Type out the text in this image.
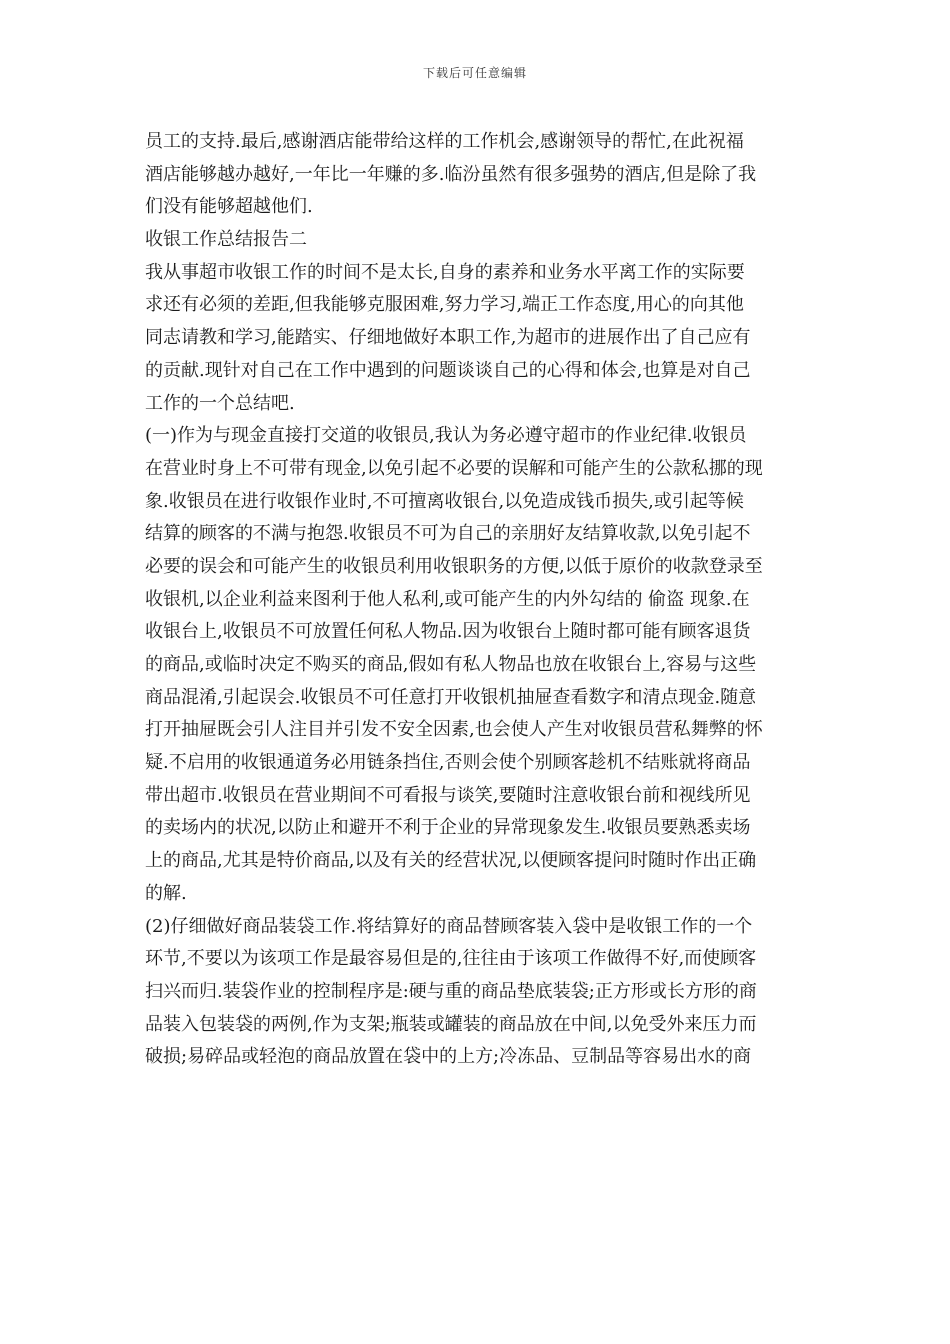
下载后可任意编辑
员工的支持.最后,感谢酒店能带给这样的工作机会,感谢领导的帮忙,在此祝福
酒店能够越办越好,一年比一年赚的多.临汾虽然有很多强势的酒店,但是除了我
们没有能够超越他们.
收银工作总结报告二
我从事超市收银工作的时间不是太长,自身的素养和业务水平离工作的实际要
求还有必须的差距,但我能够克服困难,努力学习,端正工作态度,用心的向其他
同志请教和学习,能踏实、仔细地做好本职工作,为超市的进展作出了自己应有
的贡献.现针对自己在工作中遇到的问题谈谈自己的心得和体会,也算是对自己
工作的一个总结吧.
(一)作为与现金直接打交道的收银员,我认为务必遵守超市的作业纪律.收银员
在营业时身上不可带有现金,以免引起不必要的误解和可能产生的公款私挪的现
象.收银员在进行收银作业时,不可擅离收银台,以免造成钱币损失,或引起等候
结算的顾客的不满与抱怨.收银员不可为自己的亲朋好友结算收款,以免引起不
必要的误会和可能产生的收银员利用收银职务的方便,以低于原价的收款登录至
收银机,以企业利益来图利于他人私利,或可能产生的内外勾结的 偷盗 现象.在
收银台上,收银员不可放置任何私人物品.因为收银台上随时都可能有顾客退货
的商品,或临时决定不购买的商品,假如有私人物品也放在收银台上,容易与这些
商品混淆,引起误会.收银员不可任意打开收银机抽屉查看数字和清点现金.随意
打开抽屉既会引人注目并引发不安全因素,也会使人产生对收银员营私舞弊的怀
疑.不启用的收银通道务必用链条挡住,否则会使个别顾客趁机不结账就将商品
带出超市.收银员在营业期间不可看报与谈笑,要随时注意收银台前和视线所见
的卖场内的状况,以防止和避开不利于企业的异常现象发生.收银员要熟悉卖场
上的商品,尤其是特价商品,以及有关的经营状况,以便顾客提问时随时作出正确
的解.
(2)仔细做好商品装袋工作.将结算好的商品替顾客装入袋中是收银工作的一个
环节,不要以为该项工作是最容易但是的,往往由于该项工作做得不好,而使顾客
扫兴而归.装袋作业的控制程序是:硬与重的商品垫底装袋;正方形或长方形的商
品装入包装袋的两例,作为支架;瓶装或罐装的商品放在中间,以免受外来压力而
破损;易碎品或轻泡的商品放置在袋中的上方;冷冻品、豆制品等容易出水的商
